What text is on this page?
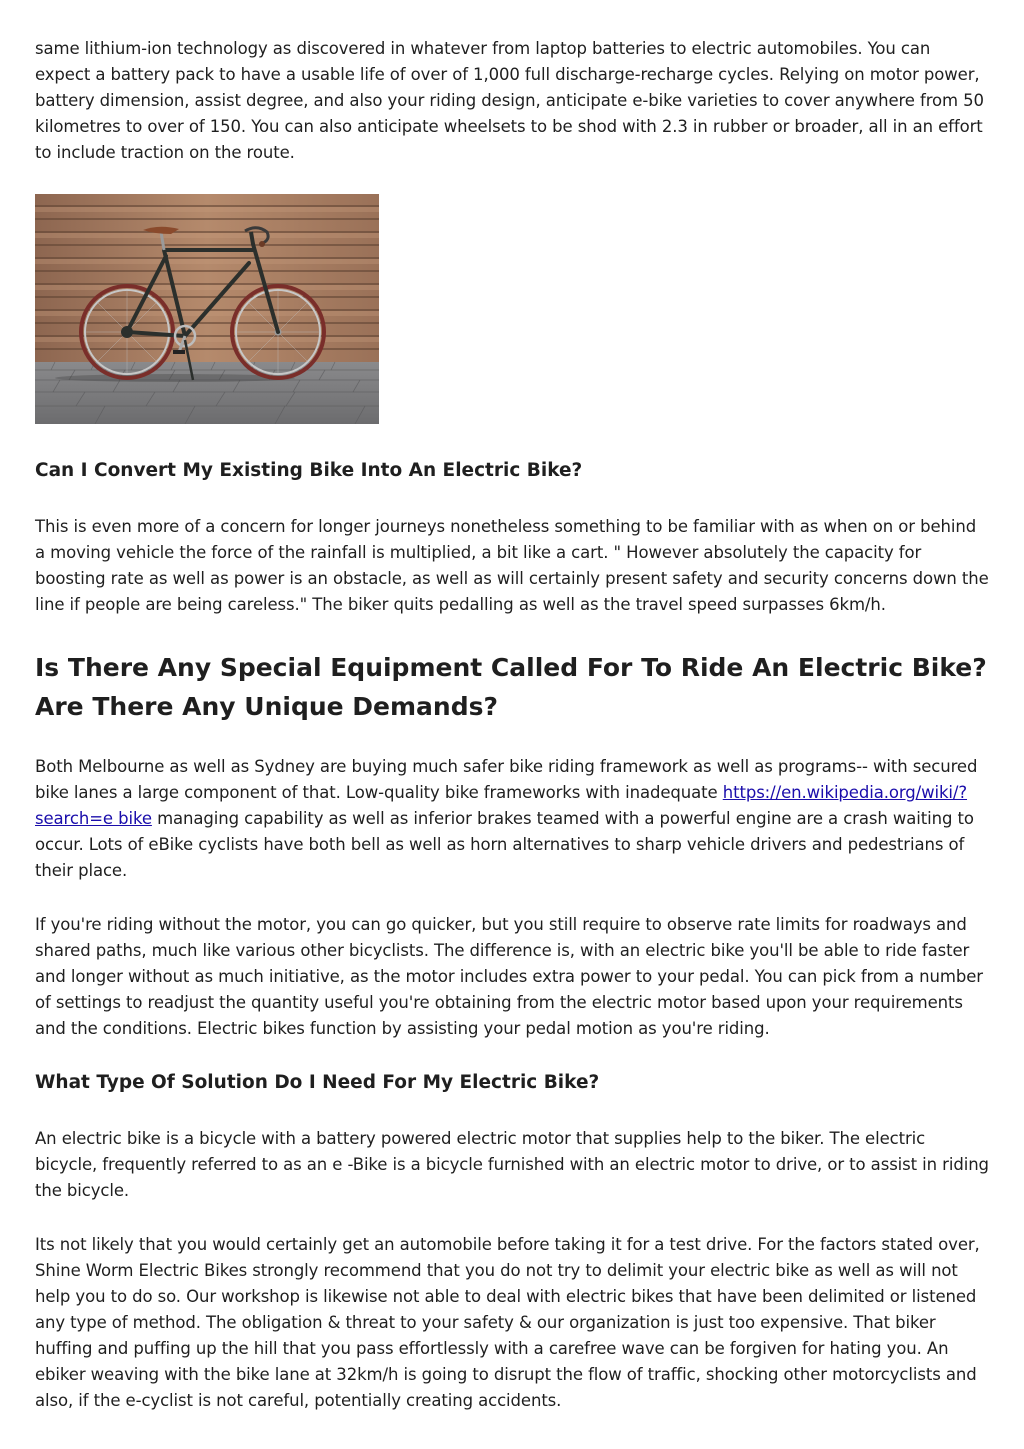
same lithium-ion technology as discovered in whatever from laptop batteries to electric automobiles. You can expect a battery pack to have a usable life of over of 1,000 full discharge-recharge cycles. Relying on motor power, battery dimension, assist degree, and also your riding design, anticipate e-bike varieties to cover anywhere from 50 kilometres to over of 150. You can also anticipate wheelsets to be shod with 2.3 in rubber or broader, all in an effort to include traction on the route.

Can I Convert My Existing Bike Into An Electric Bike?

This is even more of a concern for longer journeys nonetheless something to be familiar with as when on or behind a moving vehicle the force of the rainfall is multiplied, a bit like a cart. " However absolutely the capacity for boosting rate as well as power is an obstacle, as well as will certainly present safety and security concerns down the line if people are being careless." The biker quits pedalling as well as the travel speed surpasses 6km/h.

Is There Any Special Equipment Called For To Ride An Electric Bike? Are There Any Unique Demands?

Both Melbourne as well as Sydney are buying much safer bike riding framework as well as programs-- with secured bike lanes a large component of that. Low-quality bike frameworks with inadequate https://en.wikipedia.org/wiki/?search=e bike managing capability as well as inferior brakes teamed with a powerful engine are a crash waiting to occur. Lots of eBike cyclists have both bell as well as horn alternatives to sharp vehicle drivers and pedestrians of their place.

If you're riding without the motor, you can go quicker, but you still require to observe rate limits for roadways and shared paths, much like various other bicyclists. The difference is, with an electric bike you'll be able to ride faster and longer without as much initiative, as the motor includes extra power to your pedal. You can pick from a number of settings to readjust the quantity useful you're obtaining from the electric motor based upon your requirements and the conditions. Electric bikes function by assisting your pedal motion as you're riding.

What Type Of Solution Do I Need For My Electric Bike?

An electric bike is a bicycle with a battery powered electric motor that supplies help to the biker. The electric bicycle, frequently referred to as an e -Bike is a bicycle furnished with an electric motor to drive, or to assist in riding the bicycle.

Its not likely that you would certainly get an automobile before taking it for a test drive. For the factors stated over, Shine Worm Electric Bikes strongly recommend that you do not try to delimit your electric bike as well as will not help you to do so. Our workshop is likewise not able to deal with electric bikes that have been delimited or listened any type of method. The obligation & threat to your safety & our organization is just too expensive. That biker huffing and puffing up the hill that you pass effortlessly with a carefree wave can be forgiven for hating you. An ebiker weaving with the bike lane at 32km/h is going to disrupt the flow of traffic, shocking other motorcyclists and also, if the e-cyclist is not careful, potentially creating accidents.
